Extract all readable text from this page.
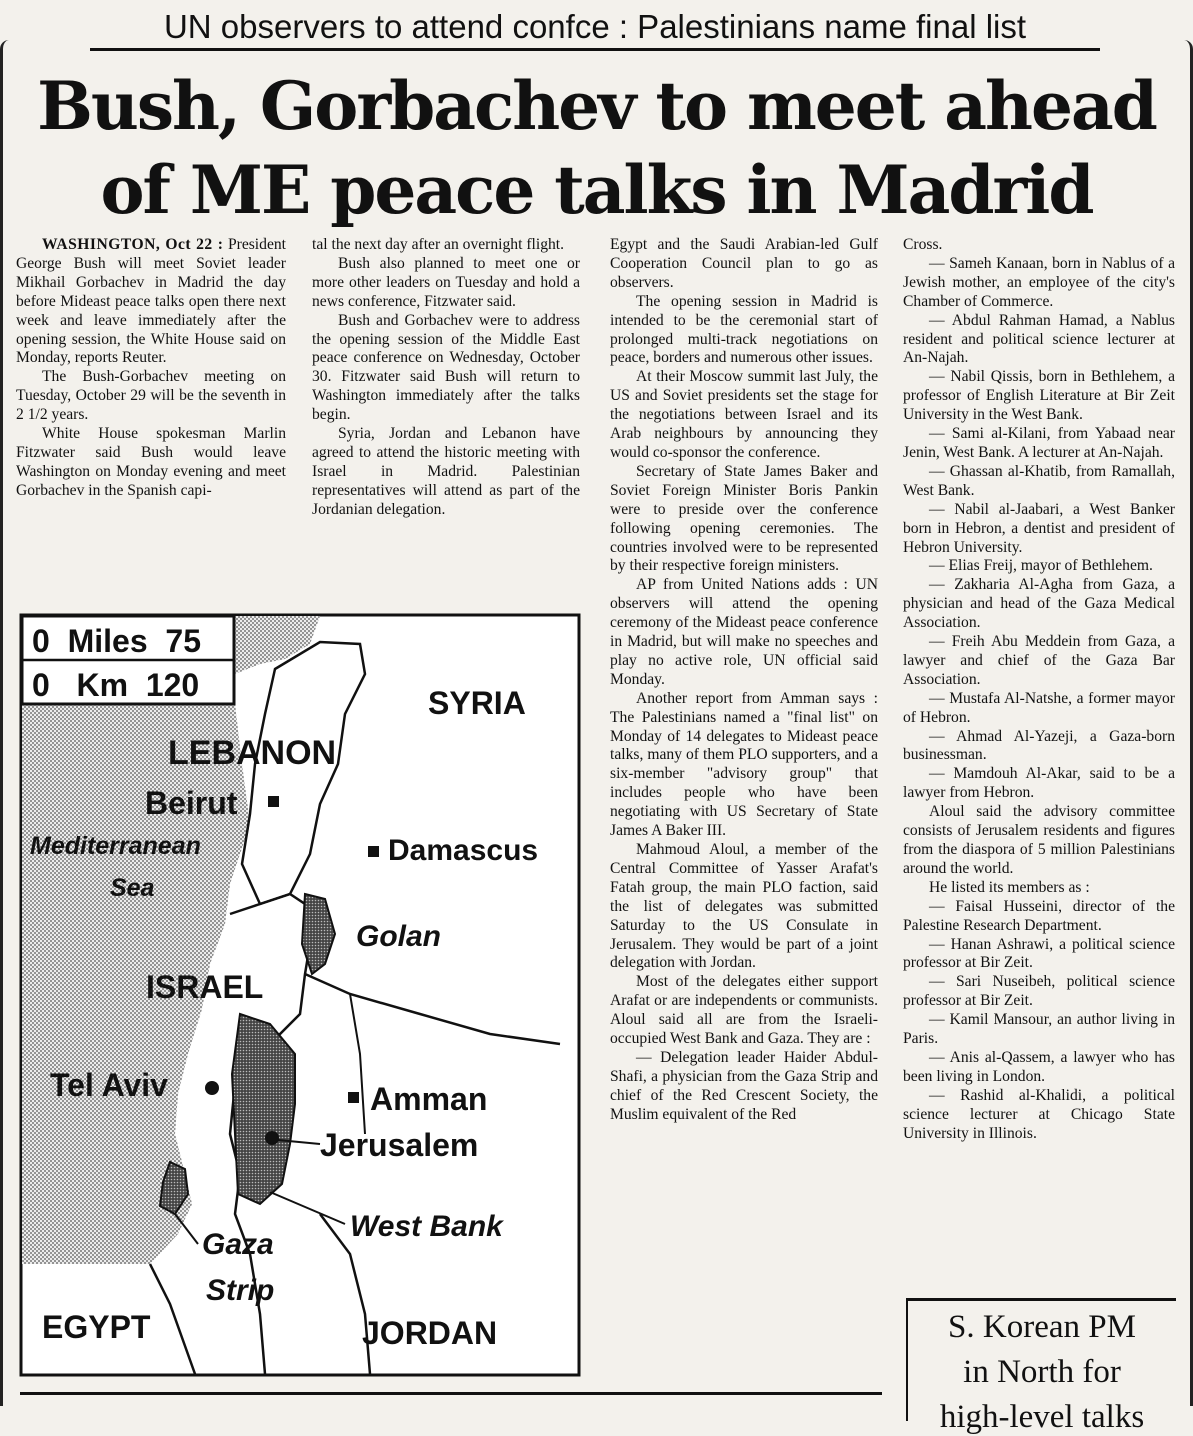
UN observers to attend confce : Palestinians name final list
Bush, Gorbachev to meet ahead
of ME peace talks in Madrid

WASHINGTON, Oct 22 : President George Bush will meet Soviet leader Mikhail Gorbachev in Madrid the day before Mideast peace talks open there next week and leave immediately after the opening session, the White House said on Monday, reports Reuter.

The Bush-Gorbachev meeting on Tuesday, October 29 will be the seventh in 2 1/2 years.

White House spokesman Marlin Fitzwater said Bush would leave Washington on Monday evening and meet Gorbachev in the Spanish capi-

tal the next day after an overnight flight.

Bush also planned to meet one or more other leaders on Tuesday and hold a news conference, Fitzwater said.

Bush and Gorbachev were to address the opening session of the Middle East peace conference on Wednesday, October 30. Fitzwater said Bush will return to Washington immediately after the talks begin.

Syria, Jordan and Lebanon have agreed to attend the historic meeting with Israel in Madrid. Palestinian representatives will attend as part of the Jordanian delegation.

0  Miles  75
0   Km  120	SYRIA
LEBANON
Beirut
Mediterranean
Sea
Damascus
Golan
ISRAEL
Tel Aviv	Amman
Jerusalem
West Bank
Gaza
Strip
EGYPT	JORDAN

Egypt and the Saudi Arabian-led Gulf Cooperation Council plan to go as observers.

The opening session in Madrid is intended to be the ceremonial start of prolonged multi-track negotiations on peace, borders and numerous other issues.

At their Moscow summit last July, the US and Soviet presidents set the stage for the negotiations between Israel and its Arab neighbours by announcing they would co-sponsor the conference.

Secretary of State James Baker and Soviet Foreign Minister Boris Pankin were to preside over the conference following opening ceremonies. The countries involved were to be represented by their respective foreign ministers.

AP from United Nations adds : UN observers will attend the opening ceremony of the Mideast peace conference in Madrid, but will make no speeches and play no active role, UN official said Monday.

Another report from Amman says : The Palestinians named a "final list" on Monday of 14 delegates to Mideast peace talks, many of them PLO supporters, and a six-member "advisory group" that includes people who have been negotiating with US Secretary of State James A Baker III.

Mahmoud Aloul, a member of the Central Committee of Yasser Arafat's Fatah group, the main PLO faction, said the list of delegates was submitted Saturday to the US Consulate in Jerusalem. They would be part of a joint delegation with Jordan.

Most of the delegates either support Arafat or are independents or communists. Aloul said all are from the Israeli-occupied West Bank and Gaza. They are :

— Delegation leader Haider Abdul-Shafi, a physician from the Gaza Strip and chief of the Red Crescent Society, the Muslim equivalent of the Red

Cross.

— Sameh Kanaan, born in Nablus of a Jewish mother, an employee of the city's Chamber of Commerce.

— Abdul Rahman Hamad, a Nablus resident and political science lecturer at An-Najah.

— Nabil Qissis, born in Bethlehem, a professor of English Literature at Bir Zeit University in the West Bank.

— Sami al-Kilani, from Yabaad near Jenin, West Bank. A lecturer at An-Najah.

— Ghassan al-Khatib, from Ramallah, West Bank.

— Nabil al-Jaabari, a West Banker born in Hebron, a dentist and president of Hebron University.

— Elias Freij, mayor of Bethlehem.

— Zakharia Al-Agha from Gaza, a physician and head of the Gaza Medical Association.

— Freih Abu Meddein from Gaza, a lawyer and chief of the Gaza Bar Association.

— Mustafa Al-Natshe, a former mayor of Hebron.

— Ahmad Al-Yazeji, a Gaza-born businessman.

— Mamdouh Al-Akar, said to be a lawyer from Hebron.

Aloul said the advisory committee consists of Jerusalem residents and figures from the diaspora of 5 million Palestinians around the world.

He listed its members as :

— Faisal Husseini, director of the Palestine Research Department.

— Hanan Ashrawi, a political science professor at Bir Zeit.

— Sari Nuseibeh, political science professor at Bir Zeit.

— Kamil Mansour, an author living in Paris.

— Anis al-Qassem, a lawyer who has been living in London.

— Rashid al-Khalidi, a political science lecturer at Chicago State University in Illinois.

S. Korean PM
in North for
high-level talks
